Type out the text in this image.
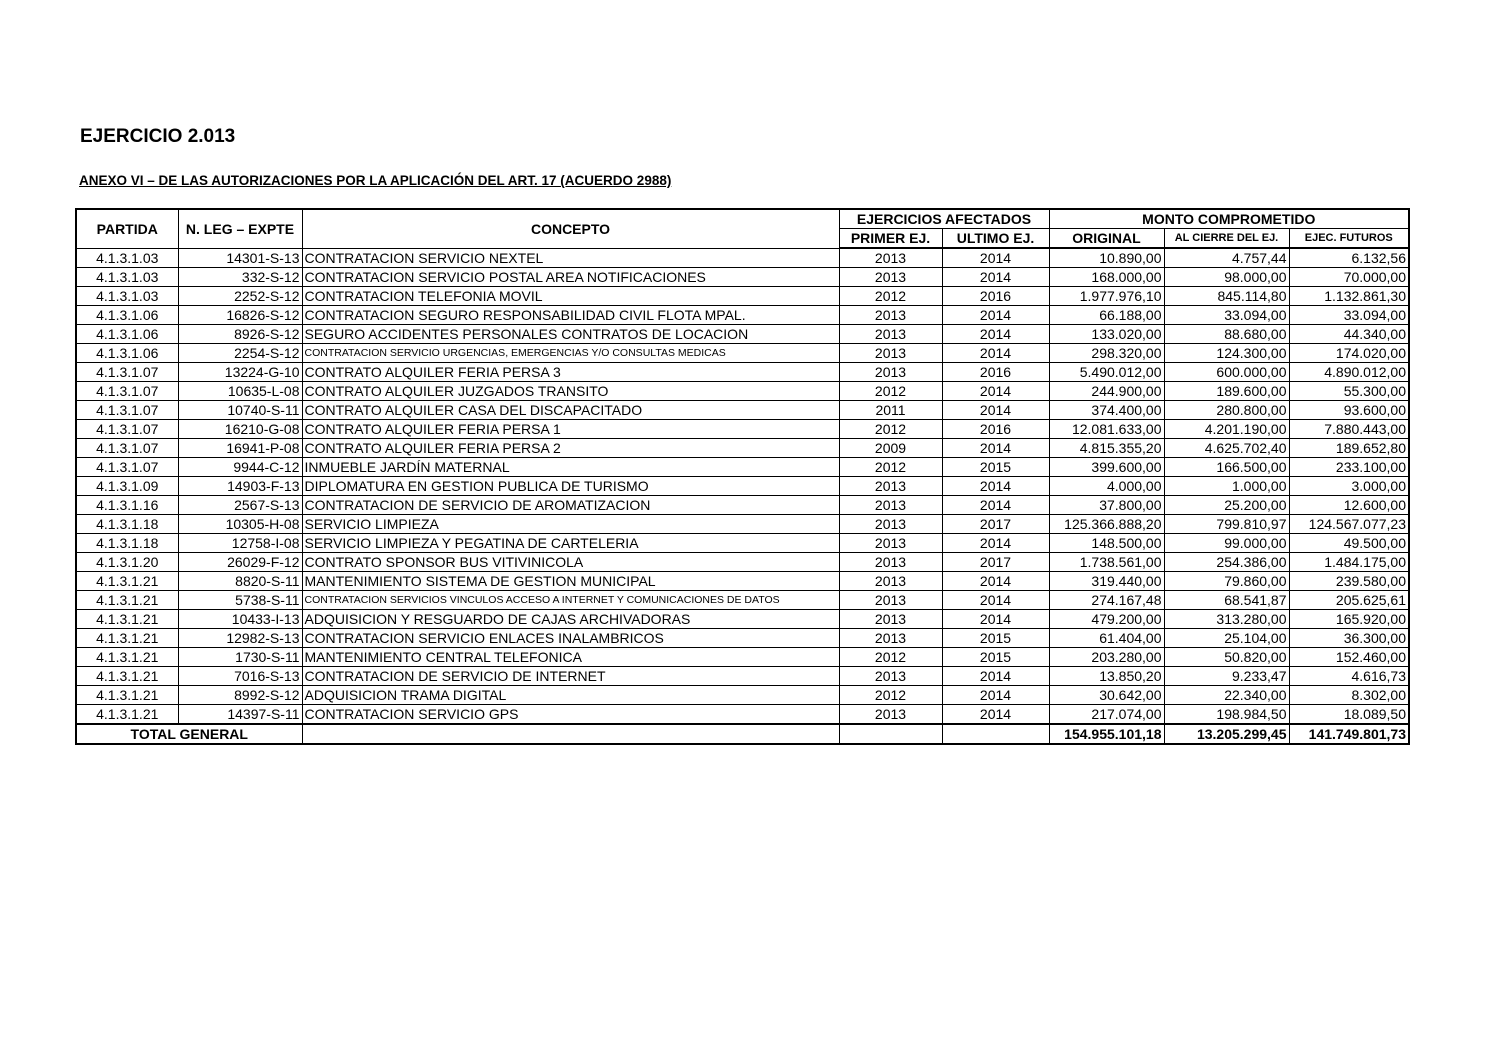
EJERCICIO 2.013
ANEXO VI – DE LAS AUTORIZACIONES POR LA APLICACIÓN DEL ART. 17 (ACUERDO 2988)
PARTIDA	N. LEG – EXPTE	CONCEPTO	EJERCICIOS AFECTADOS		MONTO COMPROMETIDO		
			PRIMER EJ.	ULTIMO EJ.	ORIGINAL	AL CIERRE DEL EJ.	EJEC. FUTUROS
4.1.3.1.03	14301-S-13	CONTRATACION SERVICIO NEXTEL	2013	2014	10.890,00	4.757,44	6.132,56
4.1.3.1.03	332-S-12	CONTRATACION SERVICIO POSTAL AREA NOTIFICACIONES	2013	2014	168.000,00	98.000,00	70.000,00
4.1.3.1.03	2252-S-12	CONTRATACION TELEFONIA MOVIL	2012	2016	1.977.976,10	845.114,80	1.132.861,30
4.1.3.1.06	16826-S-12	CONTRATACION SEGURO RESPONSABILIDAD CIVIL FLOTA MPAL.	2013	2014	66.188,00	33.094,00	33.094,00
4.1.3.1.06	8926-S-12	SEGURO ACCIDENTES PERSONALES CONTRATOS DE LOCACION	2013	2014	133.020,00	88.680,00	44.340,00
4.1.3.1.06	2254-S-12	CONTRATACION SERVICIO URGENCIAS, EMERGENCIAS Y/O CONSULTAS MEDICAS	2013	2014	298.320,00	124.300,00	174.020,00
4.1.3.1.07	13224-G-10	CONTRATO ALQUILER FERIA PERSA 3	2013	2016	5.490.012,00	600.000,00	4.890.012,00
4.1.3.1.07	10635-L-08	CONTRATO ALQUILER JUZGADOS TRANSITO	2012	2014	244.900,00	189.600,00	55.300,00
4.1.3.1.07	10740-S-11	CONTRATO ALQUILER CASA DEL DISCAPACITADO	2011	2014	374.400,00	280.800,00	93.600,00
4.1.3.1.07	16210-G-08	CONTRATO ALQUILER FERIA PERSA 1	2012	2016	12.081.633,00	4.201.190,00	7.880.443,00
4.1.3.1.07	16941-P-08	CONTRATO ALQUILER FERIA PERSA 2	2009	2014	4.815.355,20	4.625.702,40	189.652,80
4.1.3.1.07	9944-C-12	INMUEBLE JARDÍN MATERNAL	2012	2015	399.600,00	166.500,00	233.100,00
4.1.3.1.09	14903-F-13	DIPLOMATURA EN GESTION PUBLICA DE TURISMO	2013	2014	4.000,00	1.000,00	3.000,00
4.1.3.1.16	2567-S-13	CONTRATACION DE SERVICIO DE AROMATIZACION	2013	2014	37.800,00	25.200,00	12.600,00
4.1.3.1.18	10305-H-08	SERVICIO LIMPIEZA	2013	2017	125.366.888,20	799.810,97	124.567.077,23
4.1.3.1.18	12758-I-08	SERVICIO LIMPIEZA Y PEGATINA DE CARTELERIA	2013	2014	148.500,00	99.000,00	49.500,00
4.1.3.1.20	26029-F-12	CONTRATO SPONSOR BUS VITIVINICOLA	2013	2017	1.738.561,00	254.386,00	1.484.175,00
4.1.3.1.21	8820-S-11	MANTENIMIENTO SISTEMA DE GESTION MUNICIPAL	2013	2014	319.440,00	79.860,00	239.580,00
4.1.3.1.21	5738-S-11	CONTRATACION SERVICIOS VINCULOS ACCESO A INTERNET Y COMUNICACIONES DE DATOS	2013	2014	274.167,48	68.541,87	205.625,61
4.1.3.1.21	10433-I-13	ADQUISICION Y RESGUARDO DE CAJAS ARCHIVADORAS	2013	2014	479.200,00	313.280,00	165.920,00
4.1.3.1.21	12982-S-13	CONTRATACION SERVICIO ENLACES INALAMBRICOS	2013	2015	61.404,00	25.104,00	36.300,00
4.1.3.1.21	1730-S-11	MANTENIMIENTO CENTRAL TELEFONICA	2012	2015	203.280,00	50.820,00	152.460,00
4.1.3.1.21	7016-S-13	CONTRATACION DE SERVICIO DE INTERNET	2013	2014	13.850,20	9.233,47	4.616,73
4.1.3.1.21	8992-S-12	ADQUISICION TRAMA DIGITAL	2012	2014	30.642,00	22.340,00	8.302,00
4.1.3.1.21	14397-S-11	CONTRATACION SERVICIO GPS	2013	2014	217.074,00	198.984,50	18.089,50
TOTAL GENERAL					154.955.101,18	13.205.299,45	141.749.801,73
